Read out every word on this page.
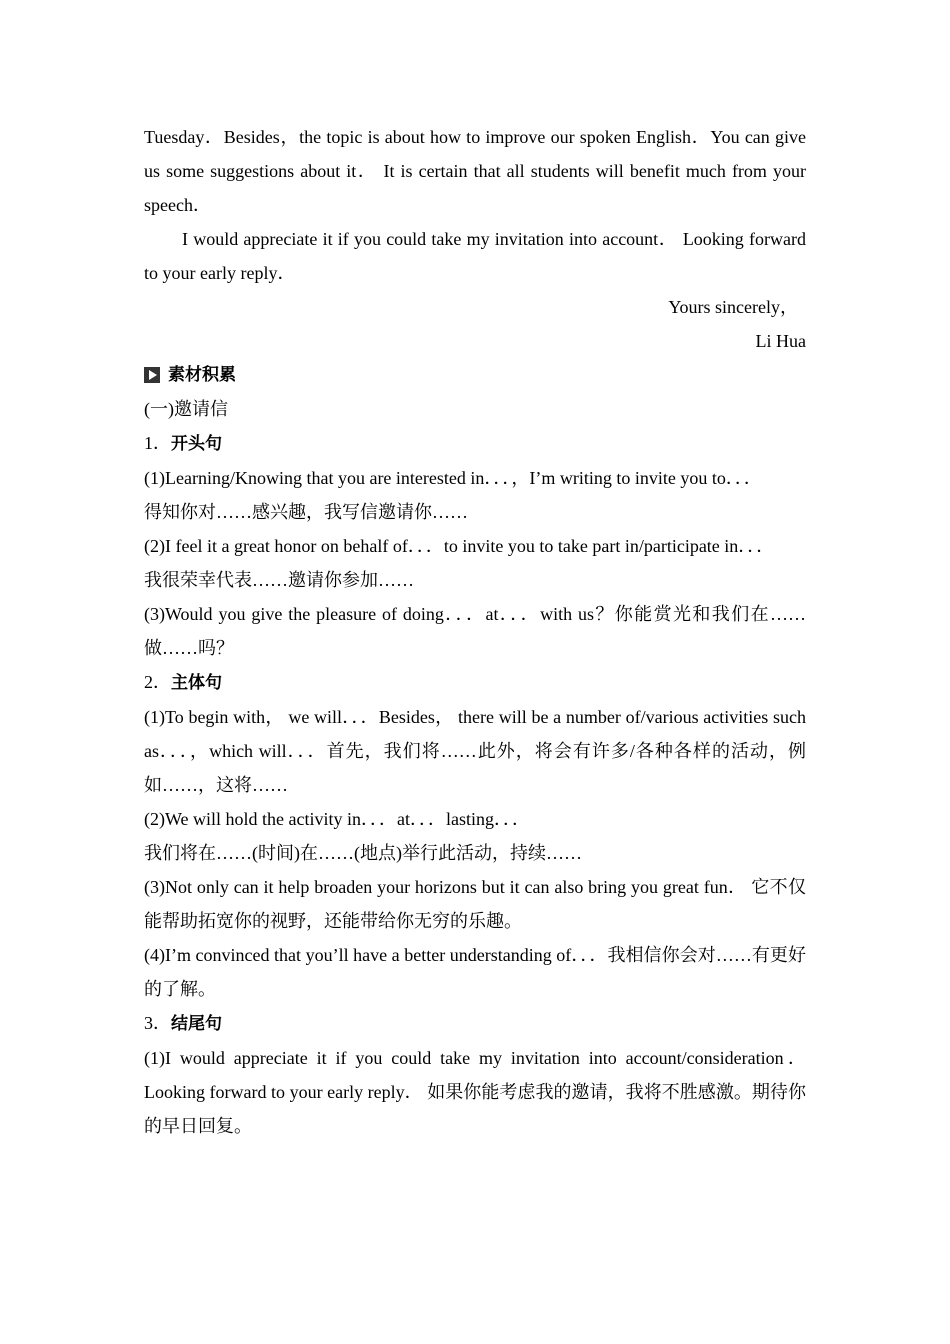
Tuesday．Besides，the topic is about how to improve our spoken English．You can give us some suggestions about it． It is certain that all students will benefit much from your speech．

I would appreciate it if you could take my invitation into account． Looking forward to your early reply．

Yours sincerely，

Li Hua

素材积累

(一)邀请信

1．开头句

(1)Learning/Knowing that you are interested in．．．，I’m writing to invite you to．．．

得知你对……感兴趣，我写信邀请你……

(2)I feel it a great honor on behalf of．．．to invite you to take part in/participate in．．．

我很荣幸代表……邀请你参加……

(3)Would you give the pleasure of doing．．．at．．．with us？你能赏光和我们在……做……吗？

2．主体句

(1)To begin with， we will．．．Besides， there will be a number of/various activities such as．．．，which will．．．首先，我们将……此外，将会有许多/各种各样的活动，例如……，这将……

(2)We will hold the activity in．．．at．．．lasting．．．

我们将在……(时间)在……(地点)举行此活动，持续……

(3)Not only can it help broaden your horizons but it can also bring you great fun． 它不仅能帮助拓宽你的视野，还能带给你无穷的乐趣。

(4)I’m convinced that you’ll have a better understanding of．．．我相信你会对……有更好的了解。

3．结尾句

(1)I would appreciate it if you could take my invitation into account/consideration．Looking forward to your early reply． 如果你能考虑我的邀请，我将不胜感激。期待你的早日回复。
